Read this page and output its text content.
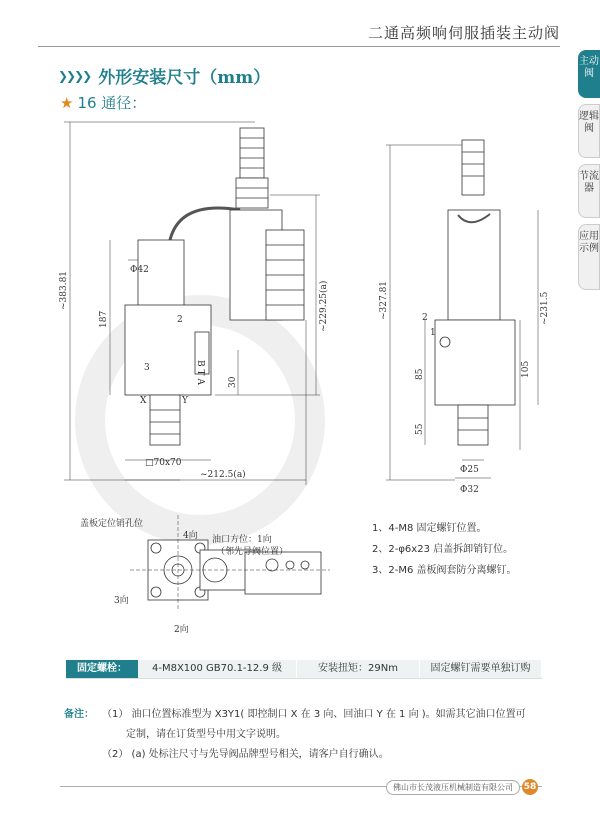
二通高频响伺服插装主动阀
主动阀
逻辑阀
节流器
应用示例
❯❯❯❯ 外形安装尺寸（mm）
★ 16 通径：
~383.81
Φ42
187
30
~229.25(a)
~212.5(a)
□70x70
X	Y
3
2
B T A
~327.81	~231.5
85	105
55
Φ25
Φ32
2
1
盖板定位销孔位
4向 油口方位：1向
（邻先导阀位置）
3向
2向
1、4-M8 固定螺钉位置。
2、2-φ6x23 启盖拆卸销钉位。
3、2-M6 盖板阀套防分离螺钉。
固定螺栓：	4-M8X100 GB70.1-12.9 级	安装扭矩：29Nm	固定螺钉需要单独订购
备注： （1） 油口位置标准型为 X3Y1( 即控制口 X 在 3 向、回油口 Y 在 1 向 )。如需其它油口位置可
定制，请在订货型号中用文字说明。
（2） (a) 处标注尺寸与先导阀品牌型号相关，请客户自行确认。
佛山市长茂液压机械制造有限公司	58
